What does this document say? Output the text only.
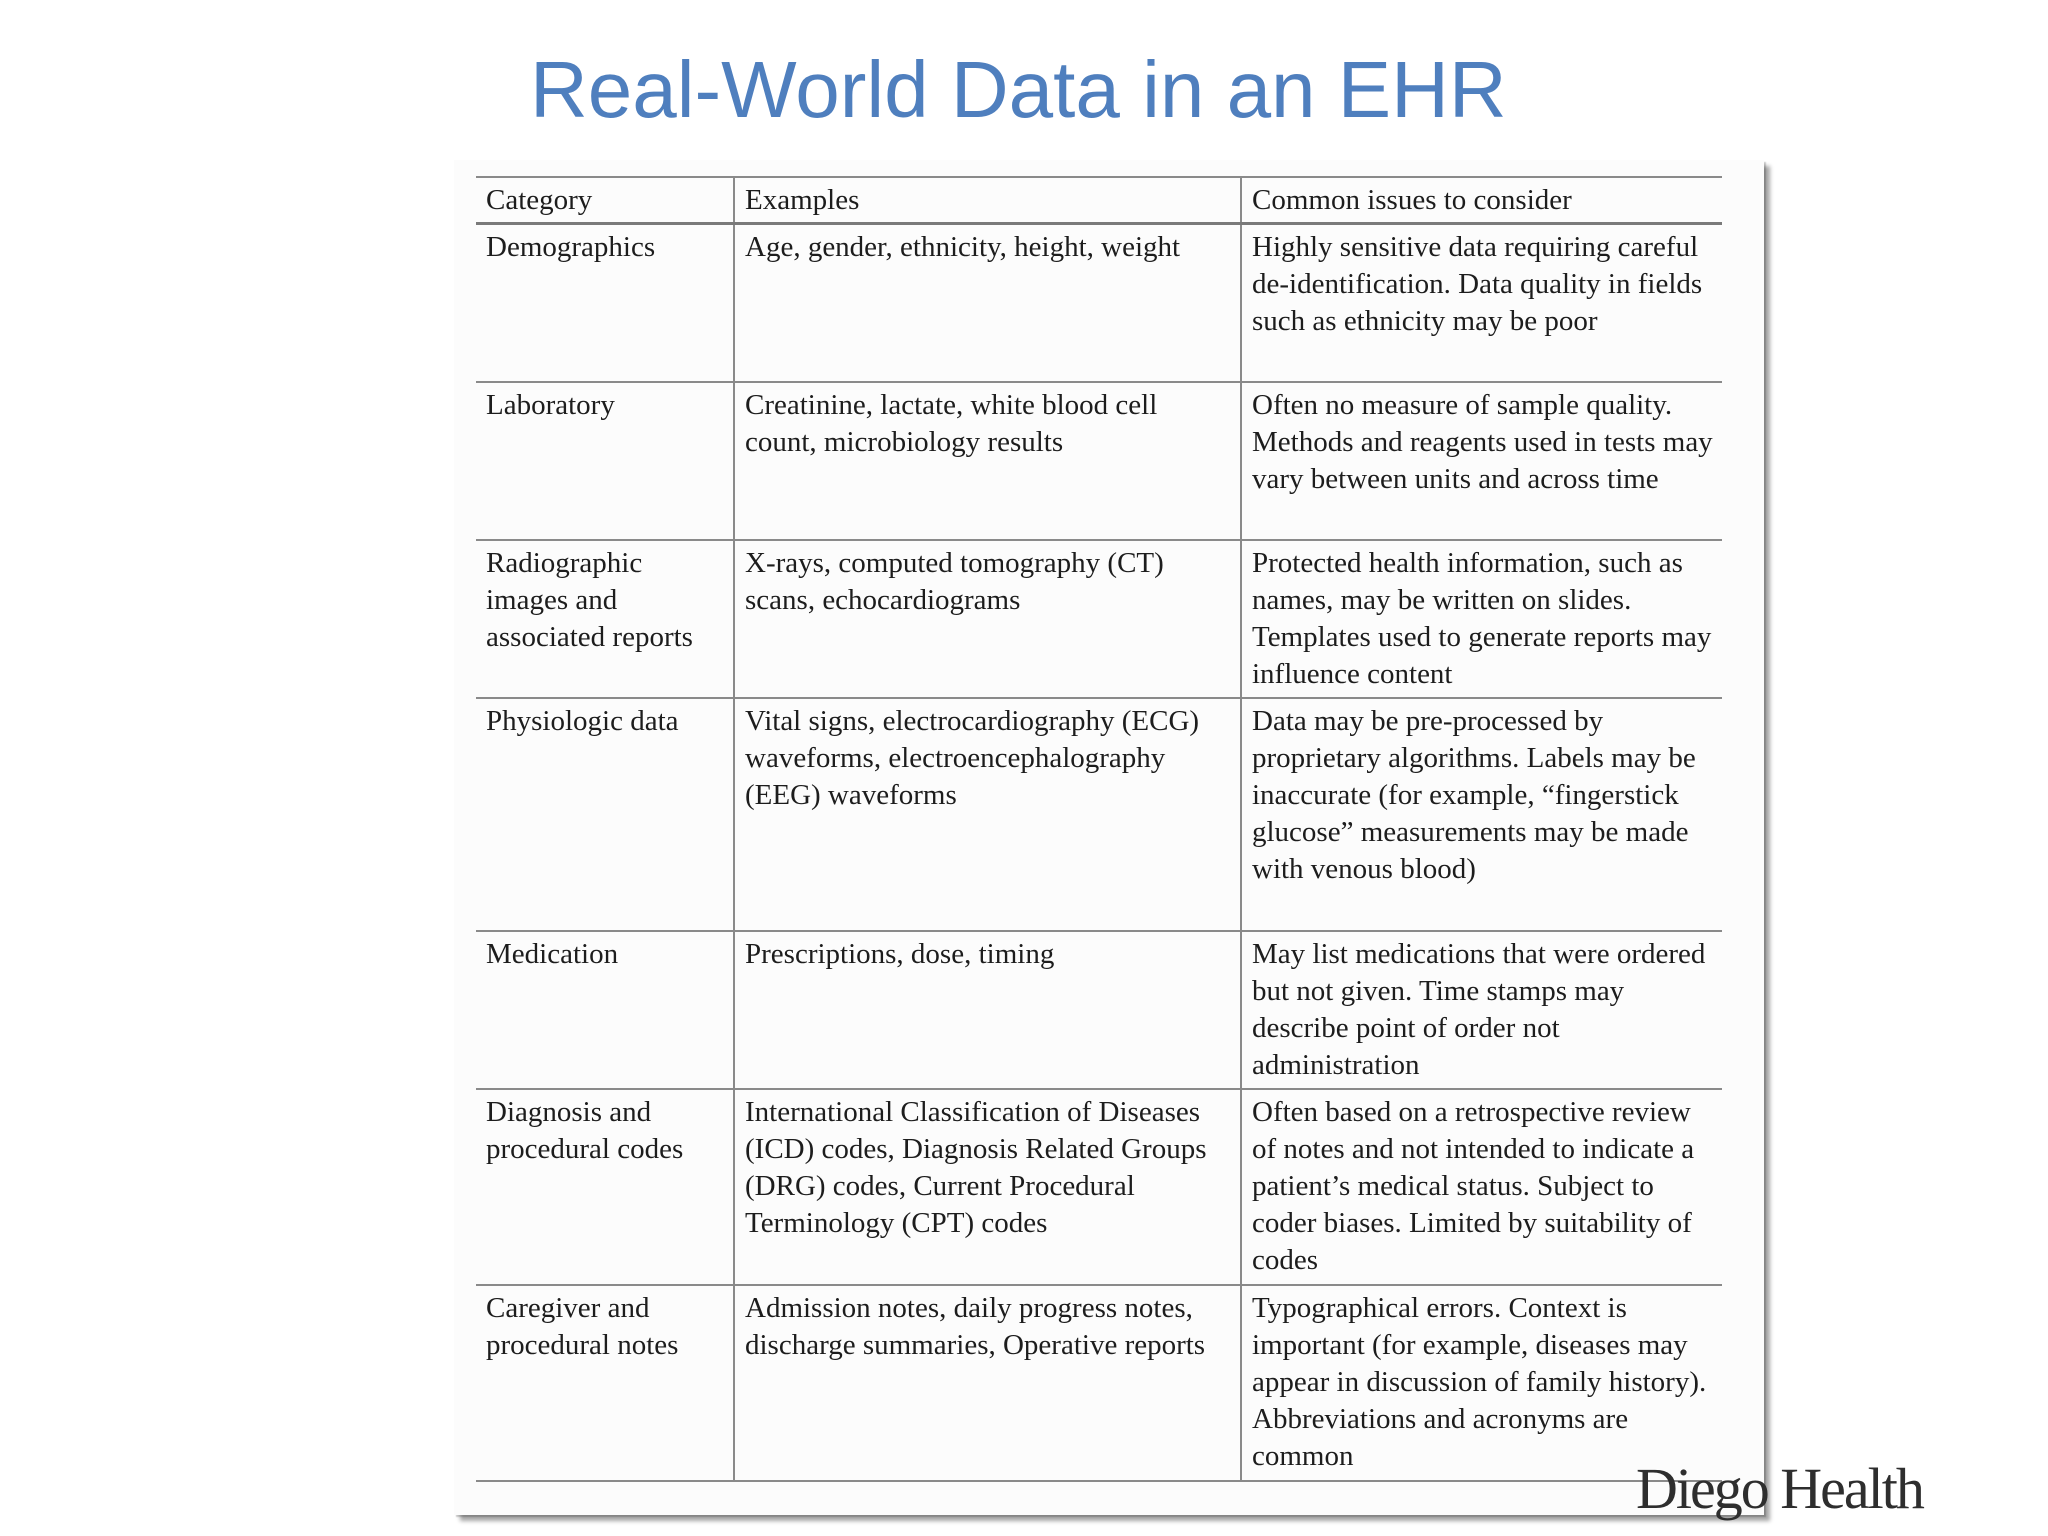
Real-World Data in an EHR
Category	Examples	Common issues to consider
Demographics	Age, gender, ethnicity, height, weight	Highly sensitive data requiring careful de-identification. Data quality in fields such as ethnicity may be poor
Laboratory	Creatinine, lactate, white blood cell count, microbiology results	Often no measure of sample quality. Methods and reagents used in tests may vary between units and across time
Radiographic images and associated reports	X-rays, computed tomography (CT) scans, echocardiograms	Protected health information, such as names, may be written on slides. Templates used to generate reports may influence content
Physiologic data	Vital signs, electrocardiography (ECG) waveforms, electroencephalography (EEG) waveforms	Data may be pre-processed by proprietary algorithms. Labels may be inaccurate (for example, “fingerstick glucose” measurements may be made with venous blood)
Medication	Prescriptions, dose, timing	May list medications that were ordered but not given. Time stamps may describe point of order not administration
Diagnosis and procedural codes	International Classification of Diseases (ICD) codes, Diagnosis Related Groups (DRG) codes, Current Procedural Terminology (CPT) codes	Often based on a retrospective review of notes and not intended to indicate a patient’s medical status. Subject to coder biases. Limited by suitability of codes
Caregiver and procedural notes	Admission notes, daily progress notes, discharge summaries, Operative reports	Typographical errors. Context is important (for example, diseases may appear in discussion of family history). Abbreviations and acronyms are common
Diego Health
